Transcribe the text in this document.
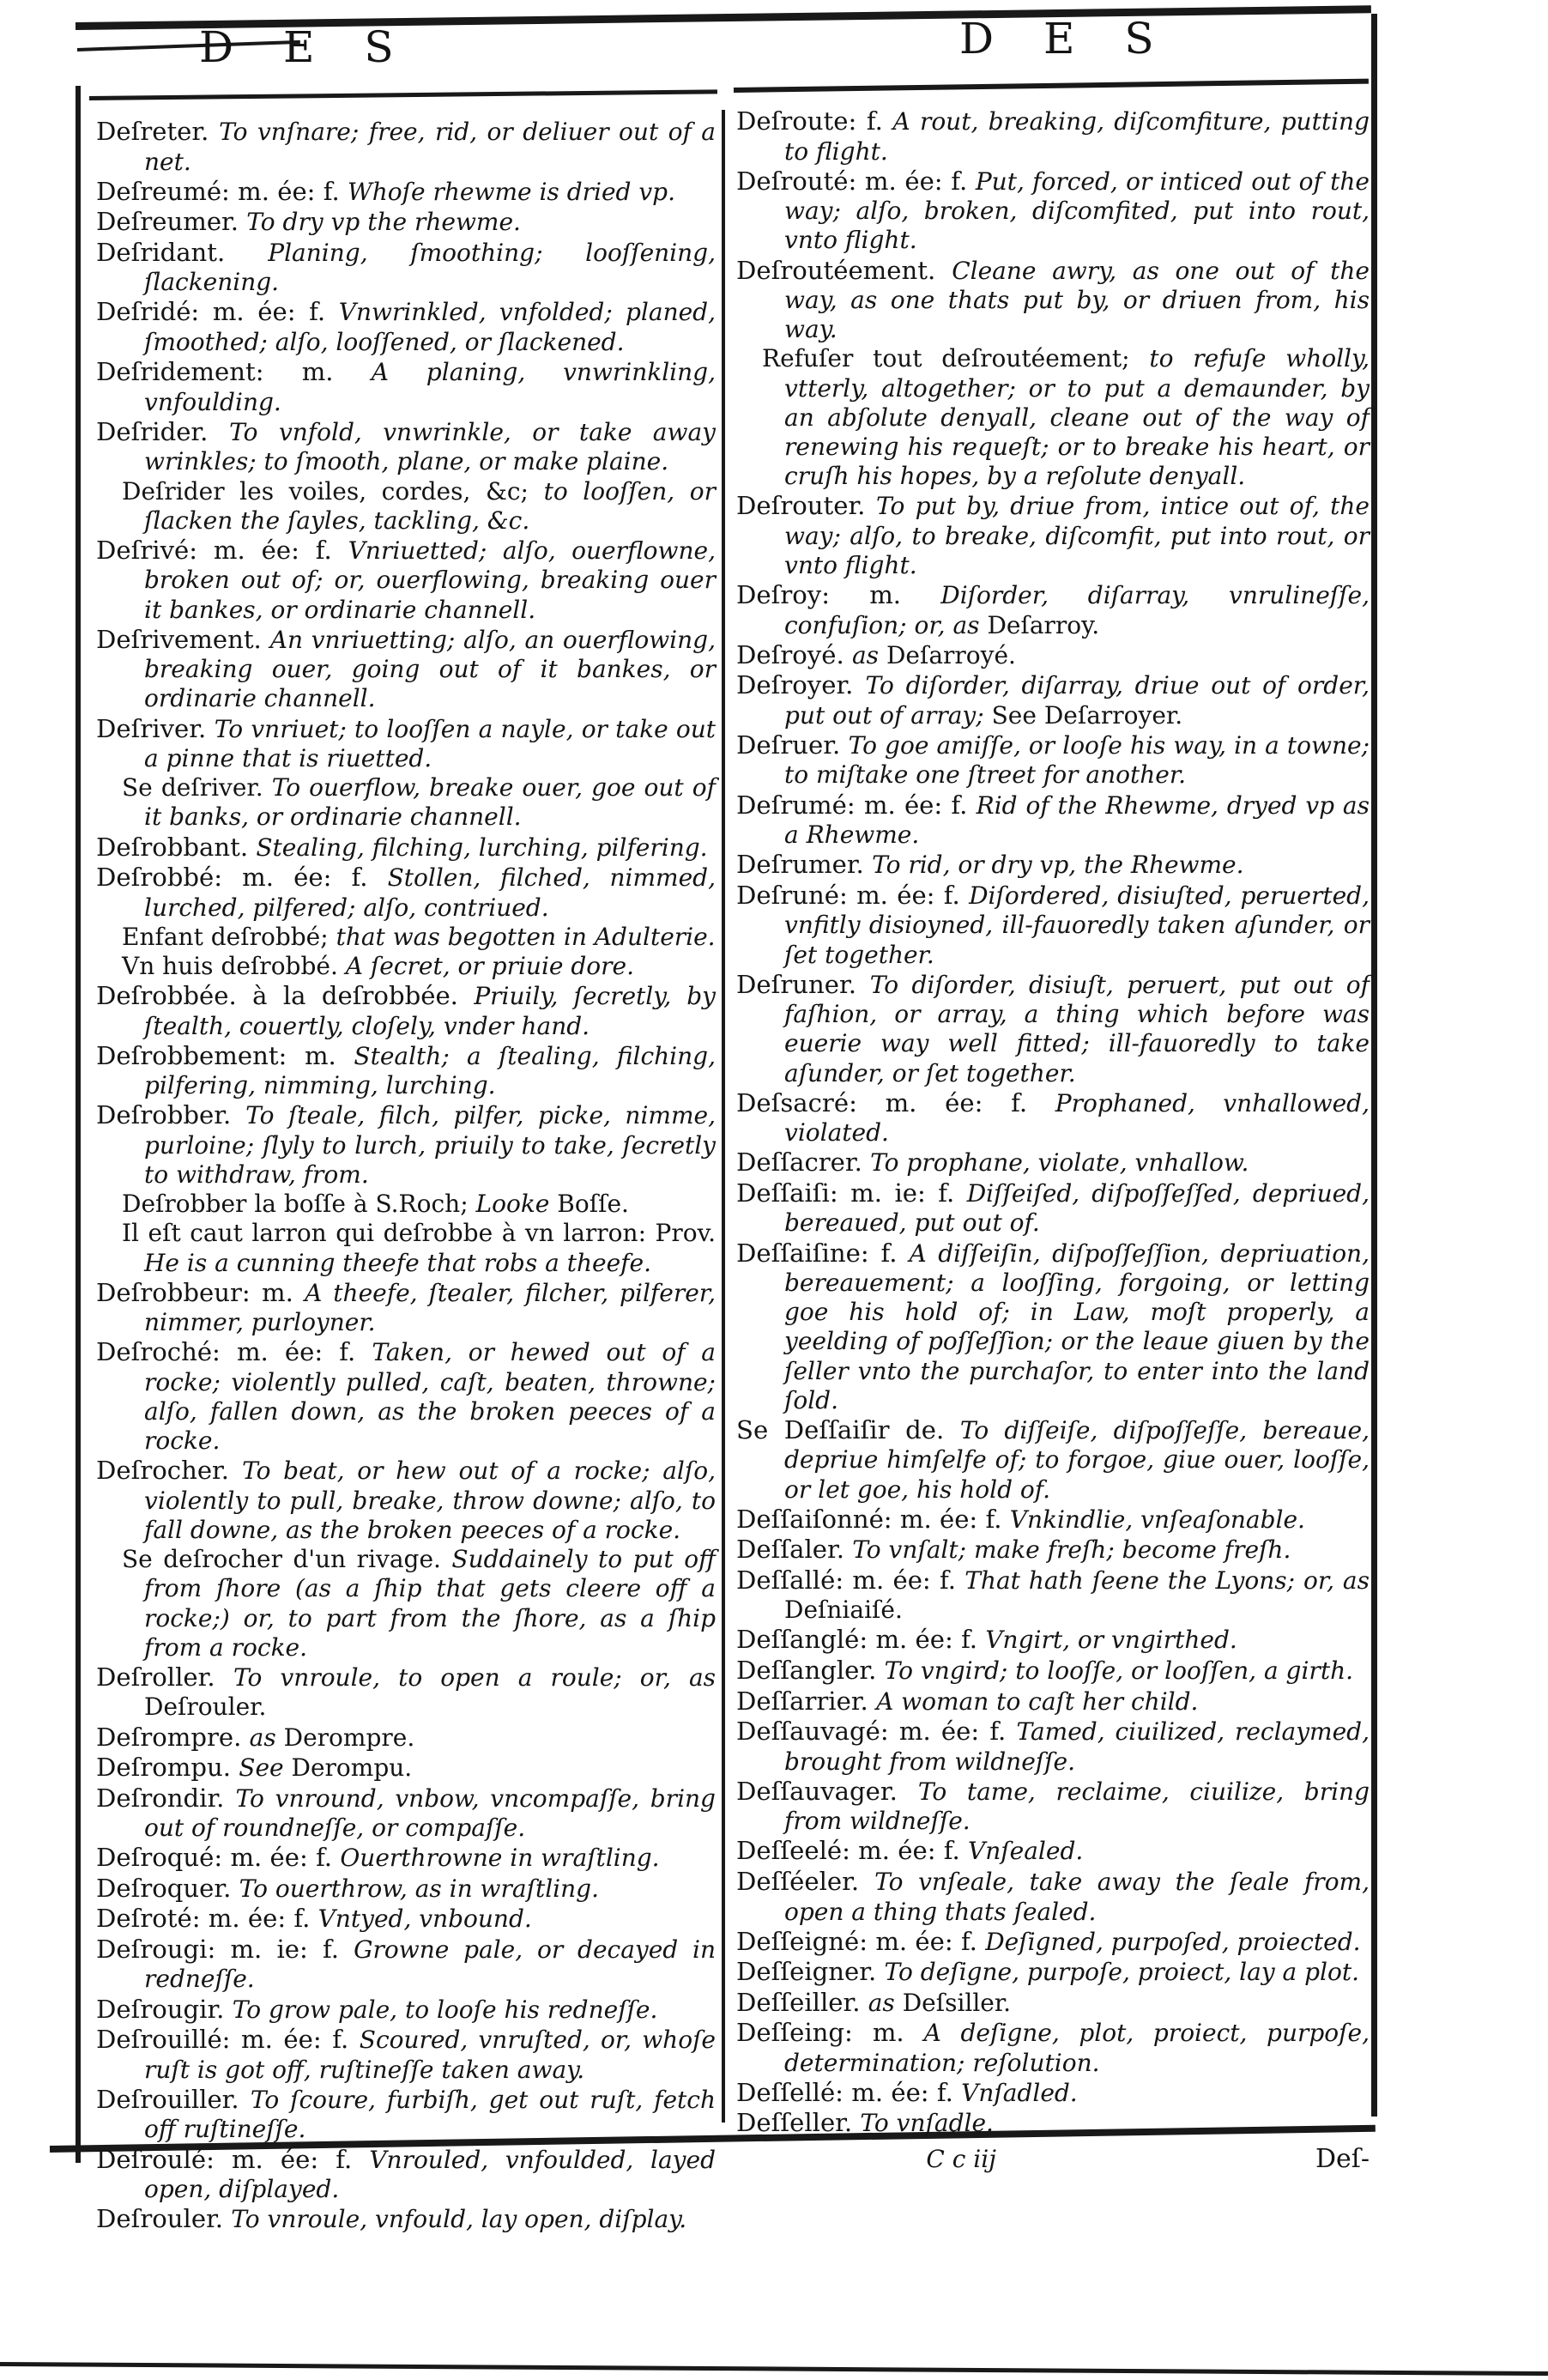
D E S	D E S

Deſreter. To vnſnare; free, rid, or deliuer out of a net.

Deſreumé: m. ée: f. Whoſe rhewme is dried vp.

Deſreumer. To dry vp the rhewme.

Deſridant. Planing, ſmoothing; looſſening, ſlackening.

Deſridé: m. ée: f. Vnwrinkled, vnfolded; planed, ſmoothed; alſo, looſſened, or ſlackened.

Deſridement: m. A planing, vnwrinkling, vnfoulding.

Deſrider. To vnfold, vnwrinkle, or take away wrinkles; to ſmooth, plane, or make plaine.

Deſrider les voiles, cordes, &c; to looſſen, or ſlacken the ſayles, tackling, &c.

Deſrivé: m. ée: f. Vnriuetted; alſo, ouerflowne, broken out of; or, ouerflowing, breaking ouer it bankes, or ordinarie channell.

Deſrivement. An vnriuetting; alſo, an ouerflowing, breaking ouer, going out of it bankes, or ordinarie channell.

Deſriver. To vnriuet; to looſſen a nayle, or take out a pinne that is riuetted.

Se deſriver. To ouerflow, breake ouer, goe out of it banks, or ordinarie channell.

Deſrobbant. Stealing, filching, lurching, pilfering.

Deſrobbé: m. ée: f. Stollen, filched, nimmed, lurched, pilfered; alſo, contriued.

Enfant deſrobbé; that was begotten in Adulterie.

Vn huis deſrobbé. A ſecret, or priuie dore.

Deſrobbée. à la deſrobbée. Priuily, ſecretly, by ſtealth, couertly, cloſely, vnder hand.

Deſrobbement: m. Stealth; a ſtealing, filching, pilfering, nimming, lurching.

Deſrobber. To ſteale, filch, pilfer, picke, nimme, purloine; ſlyly to lurch, priuily to take, ſecretly to withdraw, from.

Deſrobber la boſſe à S.Roch; Looke Boſſe.

Il eſt caut larron qui deſrobbe à vn larron: Prov. He is a cunning theefe that robs a theefe.

Deſrobbeur: m. A theefe, ſtealer, filcher, pilferer, nimmer, purloyner.

Deſroché: m. ée: f. Taken, or hewed out of a rocke; violently pulled, caſt, beaten, throwne; alſo, fallen down, as the broken peeces of a rocke.

Deſrocher. To beat, or hew out of a rocke; alſo, violently to pull, breake, throw downe; alſo, to fall downe, as the broken peeces of a rocke.

Se deſrocher d'un rivage. Suddainely to put off from ſhore (as a ſhip that gets cleere off a rocke;) or, to part from the ſhore, as a ſhip from a rocke.

Deſroller. To vnroule, to open a roule; or, as Deſrouler.

Deſrompre. as Derompre.

Deſrompu. See Derompu.

Deſrondir. To vnround, vnbow, vncompaſſe, bring out of roundneſſe, or compaſſe.

Deſroqué: m. ée: f. Ouerthrowne in wraſtling.

Deſroquer. To ouerthrow, as in wraſtling.

Deſroté: m. ée: f. Vntyed, vnbound.

Deſrougi: m. ie: f. Growne pale, or decayed in redneſſe.

Deſrougir. To grow pale, to looſe his redneſſe.

Deſrouillé: m. ée: f. Scoured, vnruſted, or, whoſe ruſt is got off, ruſtineſſe taken away.

Deſrouiller. To ſcoure, furbiſh, get out ruſt, fetch off ruſtineſſe.

Deſroulé: m. ée: f. Vnrouled, vnfoulded, layed open, diſplayed.

Deſrouler. To vnroule, vnfould, lay open, diſplay.

Deſroute: f. A rout, breaking, diſcomfiture, putting to flight.

Deſrouté: m. ée: f. Put, forced, or inticed out of the way; alſo, broken, diſcomfited, put into rout, vnto flight.

Deſroutéement. Cleane awry, as one out of the way, as one thats put by, or driuen from, his way.

Refuſer tout deſroutéement; to refuſe wholly, vtterly, altogether; or to put a demaunder, by an abſolute denyall, cleane out of the way of renewing his requeſt; or to breake his heart, or cruſh his hopes, by a reſolute denyall.

Deſrouter. To put by, driue from, intice out of, the way; alſo, to breake, diſcomfit, put into rout, or vnto flight.

Deſroy: m. Diſorder, diſarray, vnrulineſſe, confuſion; or, as Deſarroy.

Deſroyé. as Deſarroyé.

Deſroyer. To diſorder, diſarray, driue out of order, put out of array; See Deſarroyer.

Deſruer. To goe amiſſe, or looſe his way, in a towne; to miſtake one ſtreet for another.

Deſrumé: m. ée: f. Rid of the Rhewme, dryed vp as a Rhewme.

Deſrumer. To rid, or dry vp, the Rhewme.

Deſruné: m. ée: f. Diſordered, disiuſted, peruerted, vnfitly disioyned, ill-fauoredly taken aſunder, or ſet together.

Deſruner. To diſorder, disiuſt, peruert, put out of faſhion, or array, a thing which before was euerie way well fitted; ill-fauoredly to take aſunder, or ſet together.

Deſsacré: m. ée: f. Prophaned, vnhallowed, violated.

Deſſacrer. To prophane, violate, vnhallow.

Deſſaiſi: m. ie: f. Diſſeiſed, diſpoſſeſſed, depriued, bereaued, put out of.

Deſſaiſine: f. A diſſeiſin, diſpoſſeſſion, depriuation, bereauement; a looſſing, forgoing, or letting goe his hold of; in Law, moſt properly, a yeelding of poſſeſſion; or the leaue giuen by the ſeller vnto the purchaſor, to enter into the land ſold.

Se Deſſaiſir de. To diſſeiſe, diſpoſſeſſe, bereaue, depriue himſelfe of; to forgoe, giue ouer, looſſe, or let goe, his hold of.

Deſſaiſonné: m. ée: f. Vnkindlie, vnſeaſonable.

Deſſaler. To vnſalt; make freſh; become freſh.

Deſſallé: m. ée: f. That hath ſeene the Lyons; or, as Deſniaiſé.

Deſſanglé: m. ée: f. Vngirt, or vngirthed.

Deſſangler. To vngird; to looſſe, or looſſen, a girth.

Deſſarrier. A woman to caſt her child.

Deſſauvagé: m. ée: f. Tamed, ciuilized, reclaymed, brought from wildneſſe.

Deſſauvager. To tame, reclaime, ciuilize, bring from wildneſſe.

Deſſeelé: m. ée: f. Vnſealed.

Deſſéeler. To vnſeale, take away the ſeale from, open a thing thats ſealed.

Deſſeigné: m. ée: f. Deſigned, purpoſed, proiected.

Deſſeigner. To deſigne, purpoſe, proiect, lay a plot.

Deſſeiller. as Deſsiller.

Deſſeing: m. A deſigne, plot, proiect, purpoſe, determination; reſolution.

Deſſellé: m. ée: f. Vnſadled.

Deſſeller. To vnſadle.

C c iij	Deſ-
